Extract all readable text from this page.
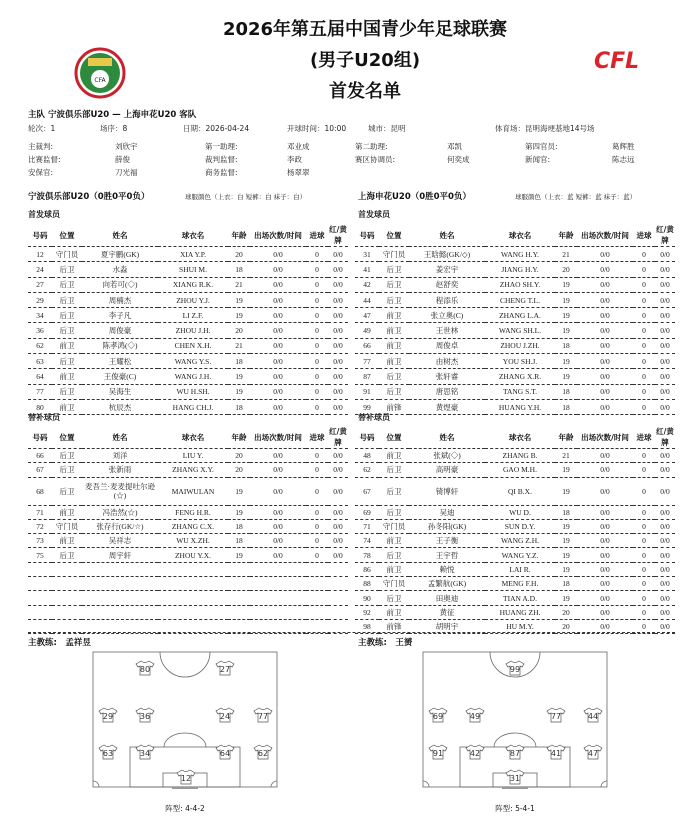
CFA
CFL
2026年第五届中国青少年足球联赛
(男子U20组)
首发名单
主队 宁波俱乐部U20 — 上海申花U20 客队
宁波俱乐部U20（0胜0平0负）	球服颜色（上衣：白 短裤：白 袜子：白）	上海申花U20（0胜0平0负）	球服颜色（上衣：蓝 短裤：蓝 袜子：蓝）
首发球员	首发球员
替补球员	替补球员
主教练:　孟祥昱	主教练:　王赟
阵型: 4-4-2	阵型: 5-4-1
轮次：1	场序：8	日期：2026-04-24	开球时间：10:00	城市：昆明	体育场：昆明海埂基地14号场
主裁判:	刘欣宇	第一助理:	邓业成	第二助理:	邓凯	第四官员:	葛辉胜
比赛监督:	薛俊	裁判监督:	李政	赛区协调员:	何奕成	新闻官:	陈志远
安保官:	刀光福	商务监督:	杨翠翠
号码	位置	姓名	球衣名	年龄	出场次数/时间	进球	红/黄牌
12	守门员	夏宇鹏(GK)	XIA Y.P.	20	0/0	0	0/0
24	后卫	水淼	SHUI M.	18	0/0	0	0/0
27	后卫	向若可(◇)	XIANG R.K.	21	0/0	0	0/0
29	后卫	周楠杰	ZHOU Y.J.	19	0/0	0	0/0
34	后卫	李子凡	LI Z.F.	19	0/0	0	0/0
36	后卫	周俊豪	ZHOU J.H.	20	0/0	0	0/0
62	前卫	陈孝鸿(◇)	CHEN X.H.	21	0/0	0	0/0
63	后卫	王耀松	WANG Y.S.	18	0/0	0	0/0
64	前卫	王俊豪(C)	WANG J.H.	19	0/0	0	0/0
77	后卫	吴海生	WU H.SH.	19	0/0	0	0/0
80	前卫	杭辰杰	HANG CH.J.	18	0/0	0	0/0
号码	位置	姓名	球衣名	年龄	出场次数/时间	进球	红/黄牌
31	守门员	王晗懿(GK/◇)	WANG H.Y.	21	0/0	0	0/0
41	后卫	姜宏宇	JIANG H.Y.	20	0/0	0	0/0
42	后卫	赵舒奕	ZHAO SH.Y.	19	0/0	0	0/0
44	后卫	程添乐	CHENG T.L.	19	0/0	0	0/0
47	前卫	张立奥(C)	ZHANG L.A.	19	0/0	0	0/0
49	前卫	王世林	WANG SH.L.	19	0/0	0	0/0
66	前卫	周俊卓	ZHOU J.ZH.	18	0/0	0	0/0
77	前卫	由树杰	YOU SH.J.	19	0/0	0	0/0
87	后卫	张轩睿	ZHANG X.R.	19	0/0	0	0/0
91	后卫	唐思铭	TANG S.T.	18	0/0	0	0/0
99	前锋	黄煜豪	HUANG Y.H.	18	0/0	0	0/0
号码	位置	姓名	球衣名	年龄	出场次数/时间	进球	红/黄牌
66	后卫	刘洋	LIU Y.	20	0/0	0	0/0
67	后卫	张新雨	ZHANG X.Y.	20	0/0	0	0/0
68	后卫	麦吾兰·麦麦提吐尔逊(☆)	MAIWULAN	19	0/0	0	0/0
71	前卫	冯浩然(☆)	FENG H.R.	19	0/0	0	0/0
72	守门员	张存行(GK/☆)	ZHANG C.X.	18	0/0	0	0/0
73	前卫	吴祥志	WU X.ZH.	18	0/0	0	0/0
75	后卫	周宇轩	ZHOU Y.X.	19	0/0	0	0/0

号码	位置	姓名	球衣名	年龄	出场次数/时间	进球	红/黄牌
48	前卫	张斌(◇)	ZHANG B.	21	0/0	0	0/0
62	后卫	高明豪	GAO M.H.	19	0/0	0	0/0
67	后卫	锜博轩	QI B.X.	19	0/0	0	0/0
69	后卫	吴迪	WU D.	18	0/0	0	0/0
71	守门员	孙冬阳(GK)	SUN D.Y.	19	0/0	0	0/0
74	前卫	王子衡	WANG Z.H.	19	0/0	0	0/0
78	后卫	王宇哲	WANG Y.Z.	19	0/0	0	0/0
86	前卫	赖悦	LAI R.	19	0/0	0	0/0
88	守门员	孟繁航(GK)	MENG F.H.	18	0/0	0	0/0
90	后卫	田奥迪	TIAN A.D.	19	0/0	0	0/0
92	前卫	黄征	HUANG ZH.	20	0/0	0	0/0
98	前锋	胡明宇	HU M.Y.	20	0/0	0	0/0
80	27
29	36	24	77
63	34	64	62
12
99
69	49	77	44
91	42	87	41	47
31
